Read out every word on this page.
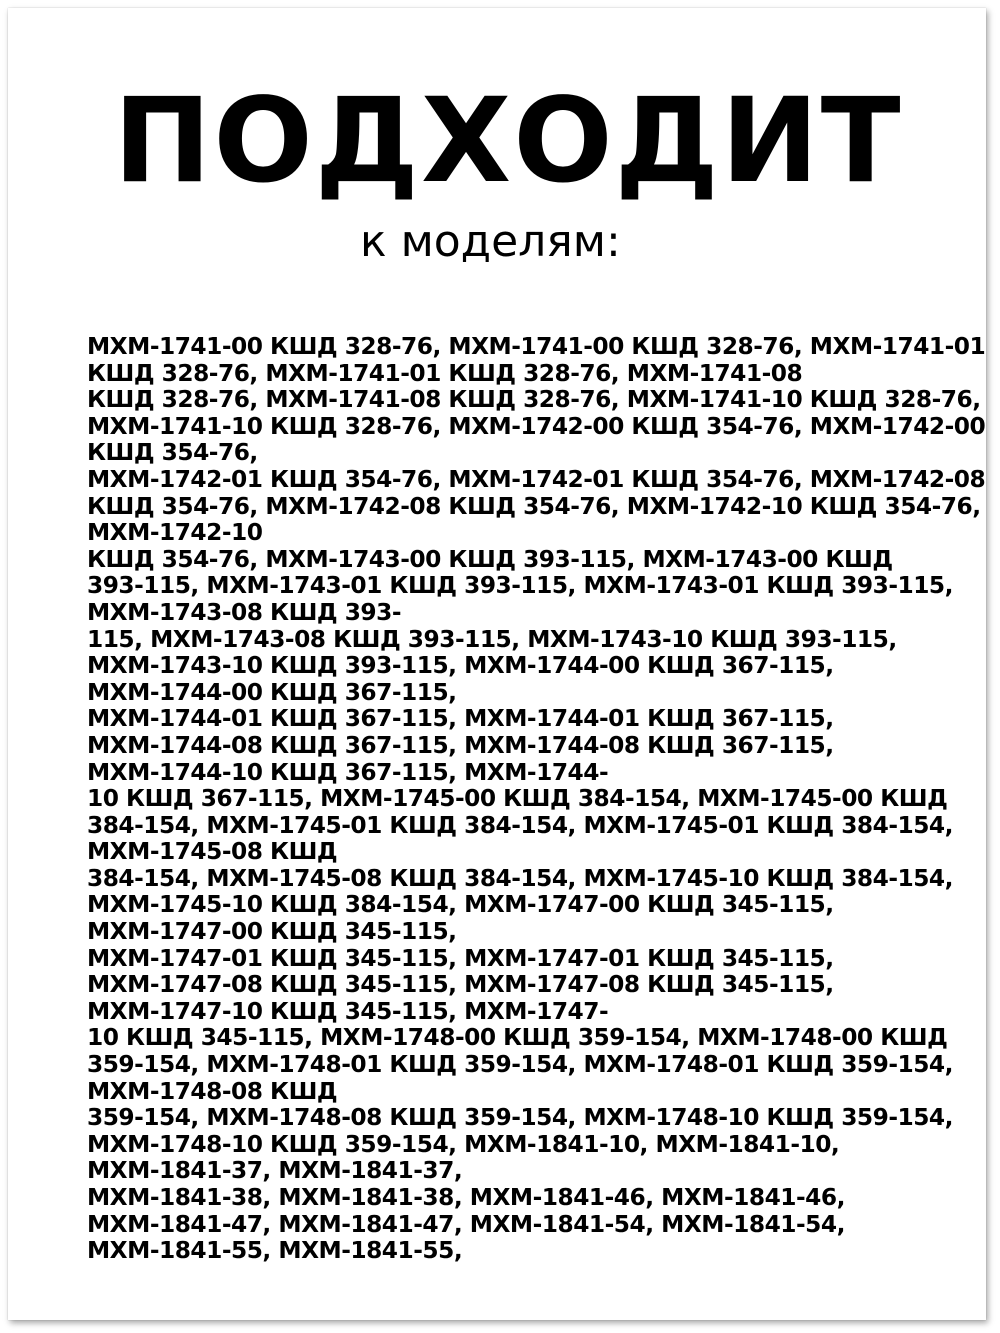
ПОДХОДИТ
к моделям:
МХМ-1741-00 КШД 328-76, МХМ-1741-00 КШД 328-76, МХМ-1741-01
КШД 328-76, МХМ-1741-01 КШД 328-76, МХМ-1741-08
КШД 328-76, МХМ-1741-08 КШД 328-76, МХМ-1741-10 КШД 328-76,
МХМ-1741-10 КШД 328-76, МХМ-1742-00 КШД 354-76, МХМ-1742-00
КШД 354-76,
МХМ-1742-01 КШД 354-76, МХМ-1742-01 КШД 354-76, МХМ-1742-08
КШД 354-76, МХМ-1742-08 КШД 354-76, МХМ-1742-10 КШД 354-76,
МХМ-1742-10
КШД 354-76, МХМ-1743-00 КШД 393-115, МХМ-1743-00 КШД
393-115, МХМ-1743-01 КШД 393-115, МХМ-1743-01 КШД 393-115,
МХМ-1743-08 КШД 393-
115, МХМ-1743-08 КШД 393-115, МХМ-1743-10 КШД 393-115,
МХМ-1743-10 КШД 393-115, МХМ-1744-00 КШД 367-115,
МХМ-1744-00 КШД 367-115,
МХМ-1744-01 КШД 367-115, МХМ-1744-01 КШД 367-115,
МХМ-1744-08 КШД 367-115, МХМ-1744-08 КШД 367-115,
МХМ-1744-10 КШД 367-115, МХМ-1744-
10 КШД 367-115, МХМ-1745-00 КШД 384-154, МХМ-1745-00 КШД
384-154, МХМ-1745-01 КШД 384-154, МХМ-1745-01 КШД 384-154,
МХМ-1745-08 КШД
384-154, МХМ-1745-08 КШД 384-154, МХМ-1745-10 КШД 384-154,
МХМ-1745-10 КШД 384-154, МХМ-1747-00 КШД 345-115,
МХМ-1747-00 КШД 345-115,
МХМ-1747-01 КШД 345-115, МХМ-1747-01 КШД 345-115,
МХМ-1747-08 КШД 345-115, МХМ-1747-08 КШД 345-115,
МХМ-1747-10 КШД 345-115, МХМ-1747-
10 КШД 345-115, МХМ-1748-00 КШД 359-154, МХМ-1748-00 КШД
359-154, МХМ-1748-01 КШД 359-154, МХМ-1748-01 КШД 359-154,
МХМ-1748-08 КШД
359-154, МХМ-1748-08 КШД 359-154, МХМ-1748-10 КШД 359-154,
МХМ-1748-10 КШД 359-154, МХМ-1841-10, МХМ-1841-10,
МХМ-1841-37, МХМ-1841-37,
МХМ-1841-38, МХМ-1841-38, МХМ-1841-46, МХМ-1841-46,
МХМ-1841-47, МХМ-1841-47, МХМ-1841-54, МХМ-1841-54,
МХМ-1841-55, МХМ-1841-55,
